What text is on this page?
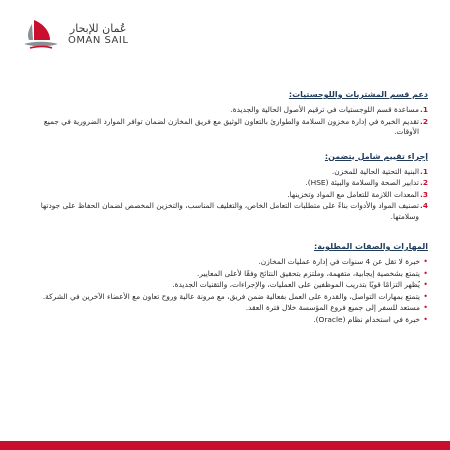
عُمان للإبحار
OMAN SAIL
دعم قسم المشتريات واللوجستيات:
1.
مساعدة قسم اللوجستيات في ترقيم الأصول الحالية والجديدة.
2.
تقديم الخبرة في إدارة مخزون السلامة والطوارئ بالتعاون الوثيق مع فريق المخازن لضمان توافر الموارد الضرورية في جميع الأوقات.
إجراء تقييم شامل يتضمن:
1.
البنية التحتية الحالية للمخزن.
2.
تدابير الصحة والسلامة والبيئة (HSE).
3.
المعدات اللازمة للتعامل مع المواد وتخزينها.
4.
تصنيف المواد والأدوات بناءً على متطلبات التعامل الخاص، والتغليف المناسب، والتخزين المخصص لضمان الحفاظ على جودتها وسلامتها.
المهارات والصفات المطلوبة:
•
خبرة لا تقل عن 4 سنوات في إدارة عمليات المخازن.
•
يتمتع بشخصية إيجابية، متفهمة، وملتزم بتحقيق النتائج وفقًا لأعلى المعايير.
•
يُظهر التزامًا قويًا بتدريب الموظفين على العمليات، والإجراءات، والتقنيات الجديدة.
•
يتمتع بمهارات التواصل، والقدرة على العمل بفعالية ضمن فريق، مع مرونة عالية وروح تعاون مع الأعضاء الآخرين في الشركة.
•
مستعد للسفر إلى جميع فروع المؤسسة خلال فترة العقد.
•
خبرة في استخدام نظام (Oracle).
